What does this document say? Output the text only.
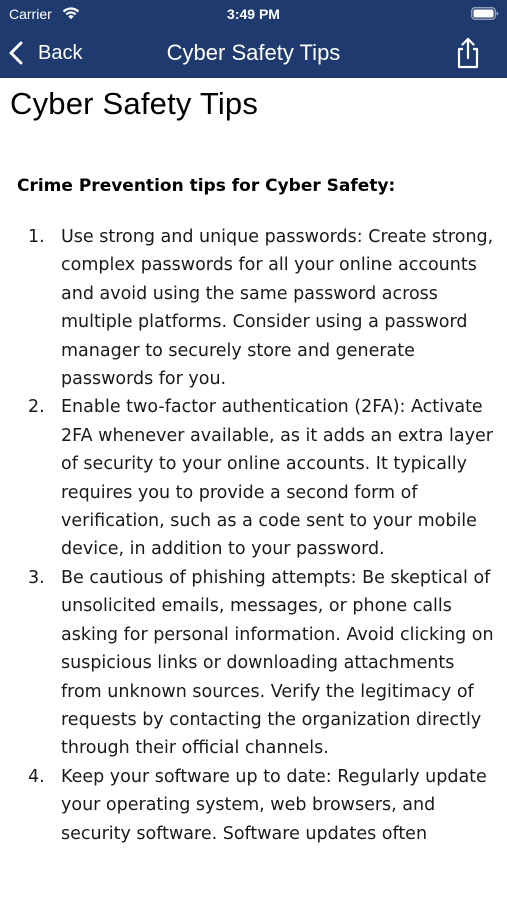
Carrier	3:49 PM
Back	Cyber Safety Tips
Cyber Safety Tips
Crime Prevention tips for Cyber Safety:
1. Use strong and unique passwords: Create strong, complex passwords for all your online accounts and avoid using the same password across multiple platforms. Consider using a password manager to securely store and generate passwords for you.
2. Enable two-factor authentication (2FA): Activate 2FA whenever available, as it adds an extra layer of security to your online accounts. It typically requires you to provide a second form of verification, such as a code sent to your mobile device, in addition to your password.
3. Be cautious of phishing attempts: Be skeptical of unsolicited emails, messages, or phone calls asking for personal information. Avoid clicking on suspicious links or downloading attachments from unknown sources. Verify the legitimacy of requests by contacting the organization directly through their official channels.
4. Keep your software up to date: Regularly update your operating system, web browsers, and security software. Software updates often
